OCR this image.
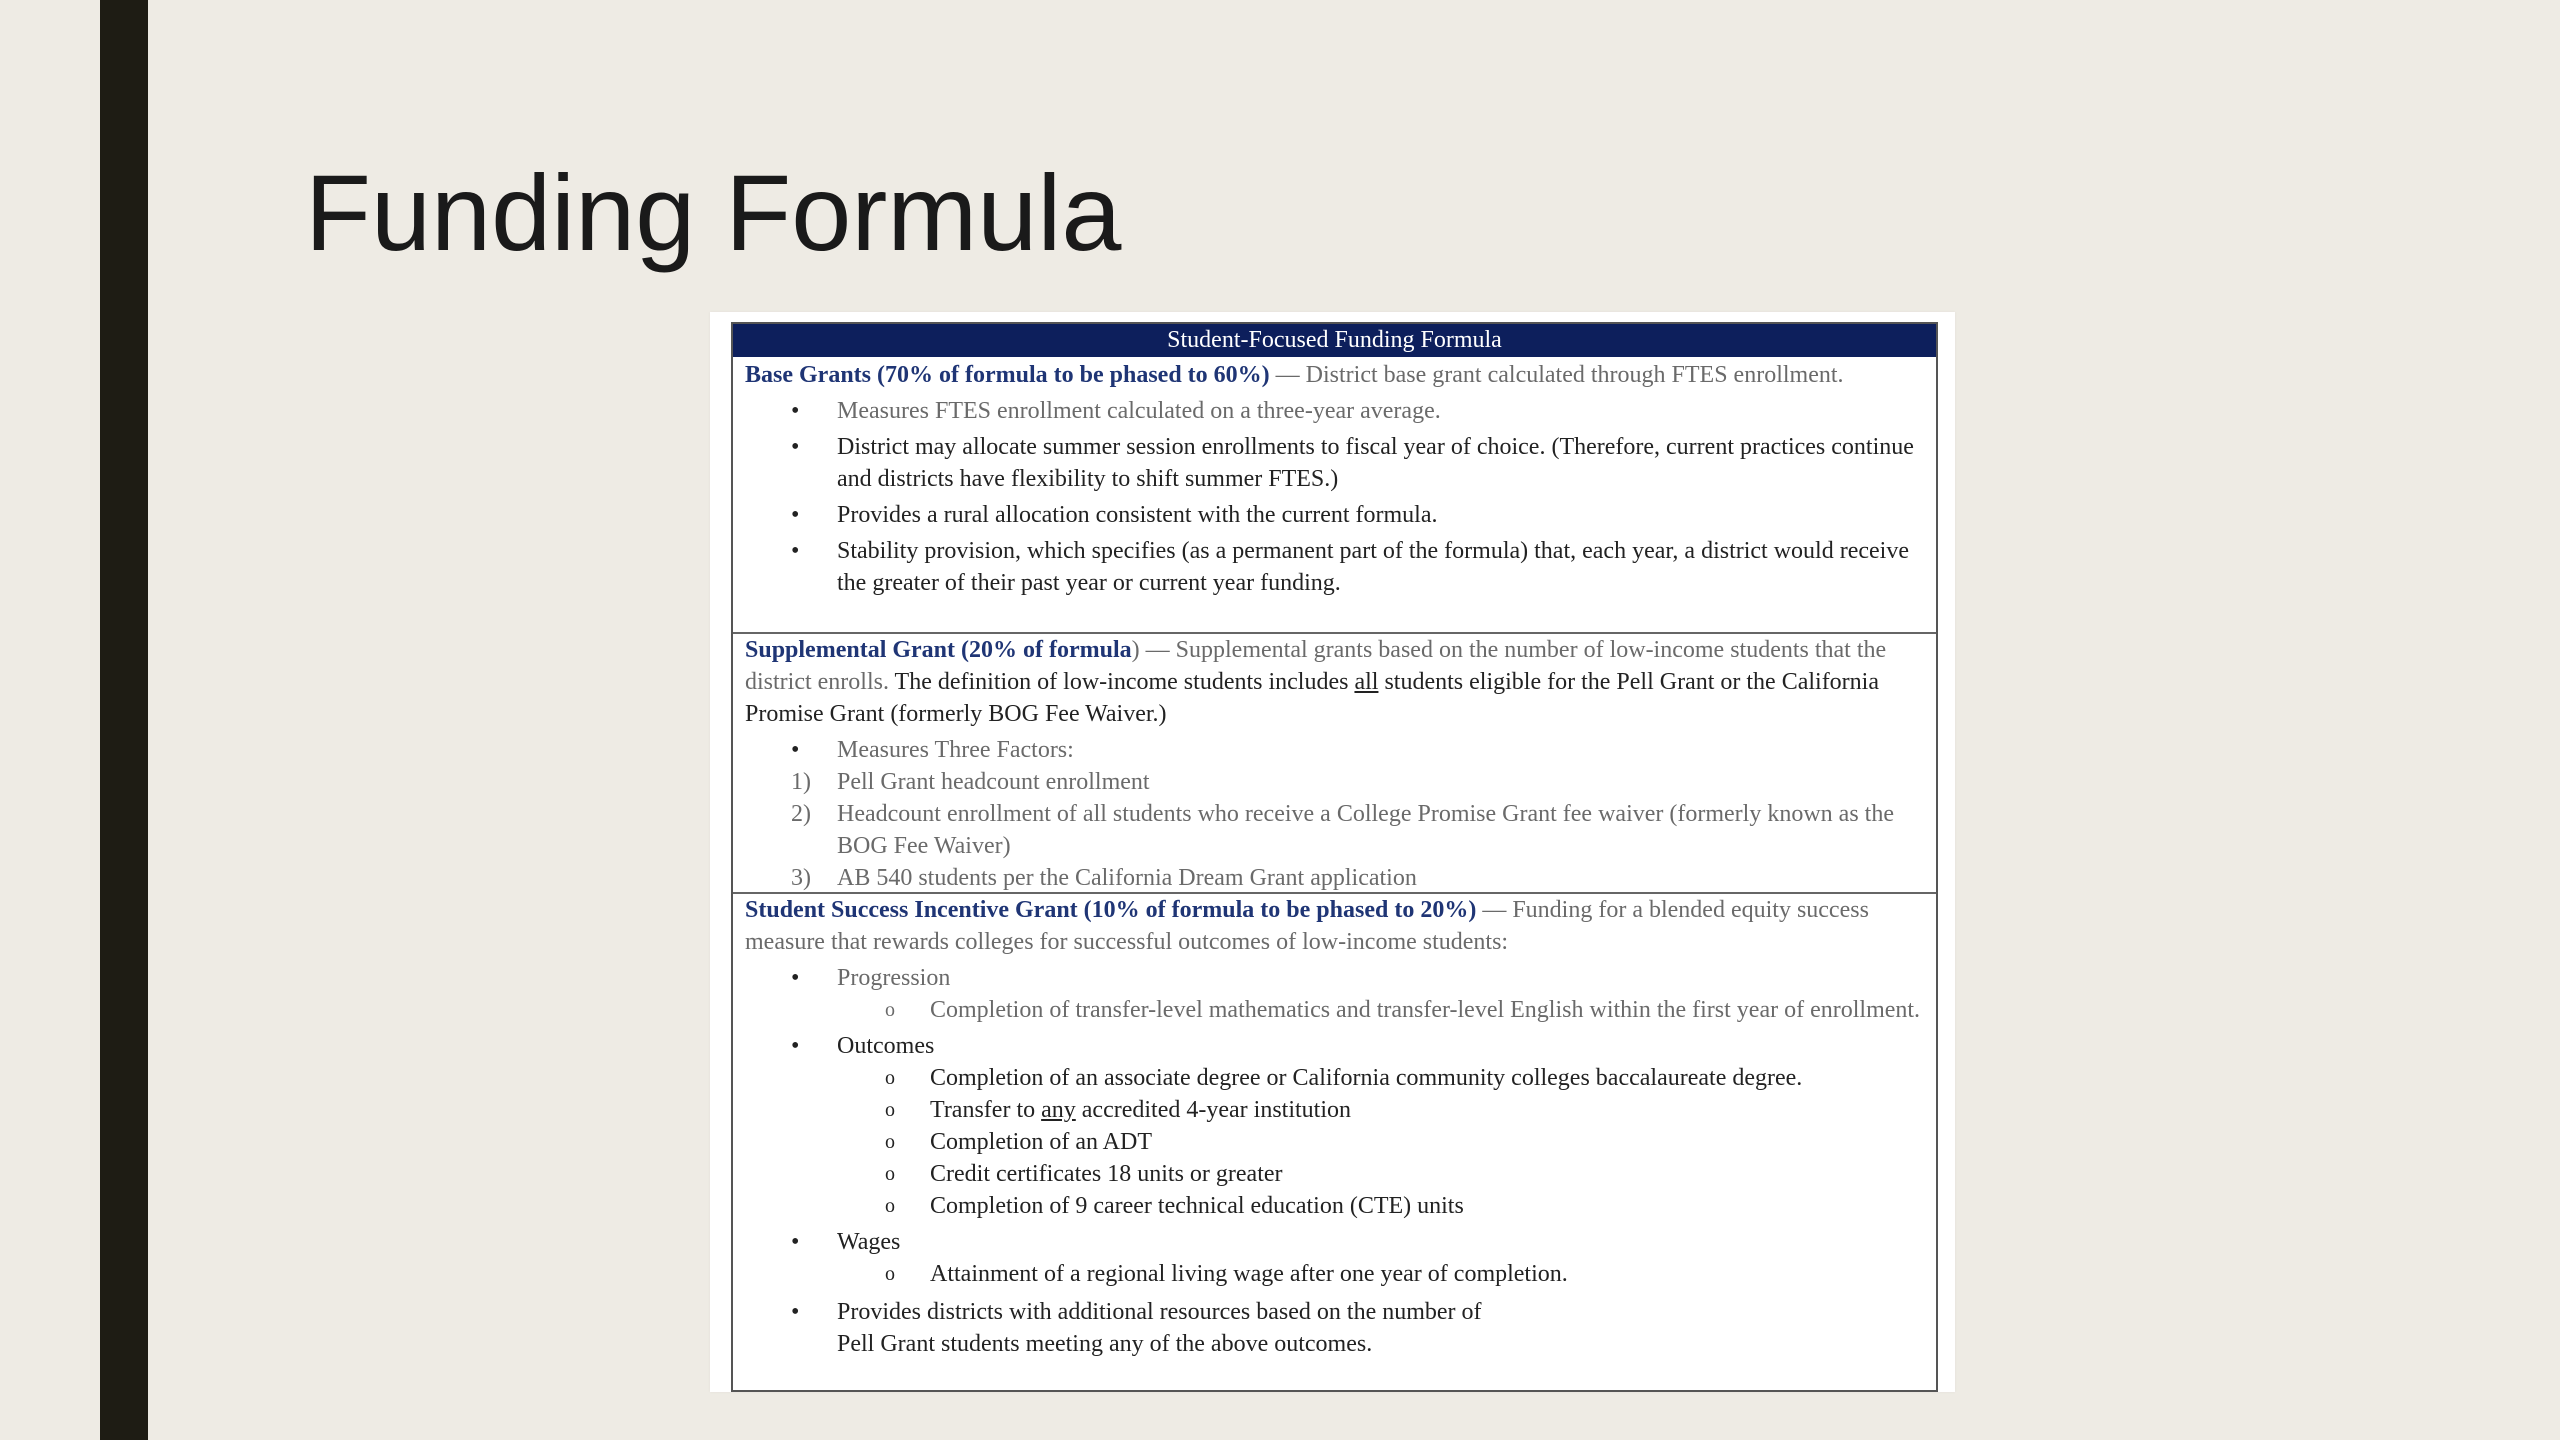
Funding Formula
Student-Focused Funding Formula

Base Grants (70% of formula to be phased to 60%) — District base grant calculated through FTES enrollment.

• Measures FTES enrollment calculated on a three-year average.
• District may allocate summer session enrollments to fiscal year of choice. (Therefore, current practices continue and districts have flexibility to shift summer FTES.)
• Provides a rural allocation consistent with the current formula.
• Stability provision, which specifies (as a permanent part of the formula) that, each year, a district would receive the greater of their past year or current year funding.

Supplemental Grant (20% of formula) — Supplemental grants based on the number of low-income students that the district enrolls. The definition of low-income students includes all students eligible for the Pell Grant or the California Promise Grant (formerly BOG Fee Waiver.)

• Measures Three Factors:
1) Pell Grant headcount enrollment
2) Headcount enrollment of all students who receive a College Promise Grant fee waiver (formerly known as the BOG Fee Waiver)
3) AB 540 students per the California Dream Grant application

Student Success Incentive Grant (10% of formula to be phased to 20%) — Funding for a blended equity success measure that rewards colleges for successful outcomes of low-income students:

• Progression
o Completion of transfer-level mathematics and transfer-level English within the first year of enrollment.
• Outcomes
o Completion of an associate degree or California community colleges baccalaureate degree.
o Transfer to any accredited 4-year institution
o Completion of an ADT
o Credit certificates 18 units or greater
o Completion of 9 career technical education (CTE) units
• Wages
o Attainment of a regional living wage after one year of completion.
• Provides districts with additional resources based on the number of
Pell Grant students meeting any of the above outcomes.
